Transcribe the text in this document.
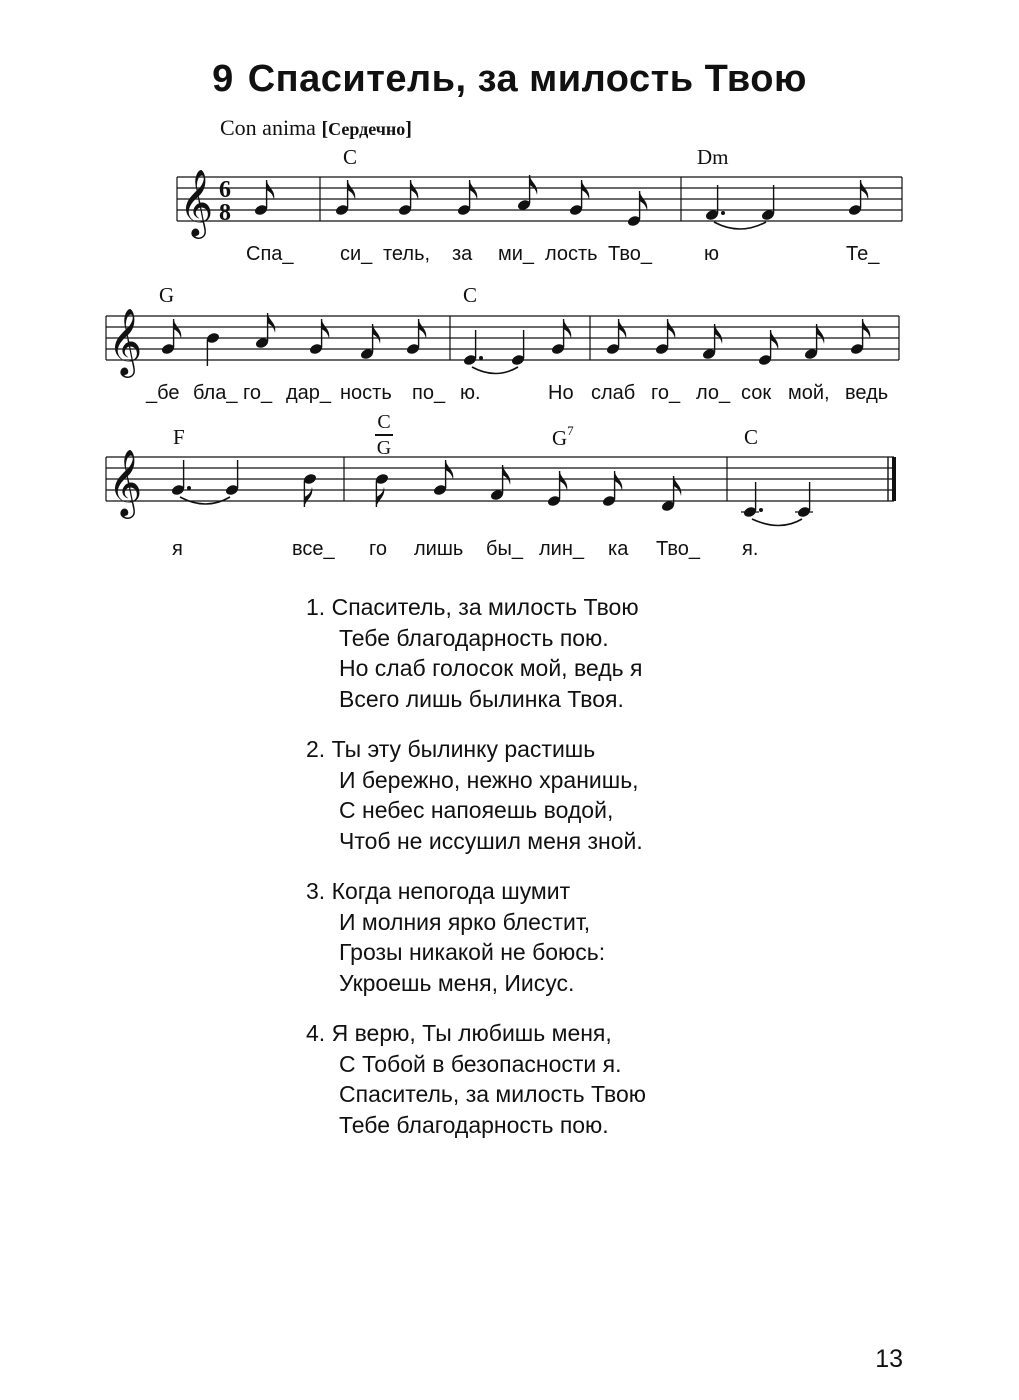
9 Спаситель, за милость Твою
Con anima [Сердечно]
C	Dm
G	C
F
C
G	$G^7$	C
𝄞 6
8
𝄞
𝄞
Спа_ си_ тель, за ми_ лость Тво_	ю	Те_
_бе бла_ го_ дар_ ность по_ ю.	Но слаб го_ ло_ сок мой, ведь
я	все_ го лишь бы_ лин_ ка Тво_ я.
1. Спаситель, за милость Твою
Тебе благодарность пою.
Но слаб голосок мой, ведь я
Всего лишь былинка Твоя.
2. Ты эту былинку растишь
И бережно, нежно хранишь,
С небес напояешь водой,
Чтоб не иссушил меня зной.
3. Когда непогода шумит
И молния ярко блестит,
Грозы никакой не боюсь:
Укроешь меня, Иисус.
4. Я верю, Ты любишь меня,
С Тобой в безопасности я.
Спаситель, за милость Твою
Тебе благодарность пою.
13
